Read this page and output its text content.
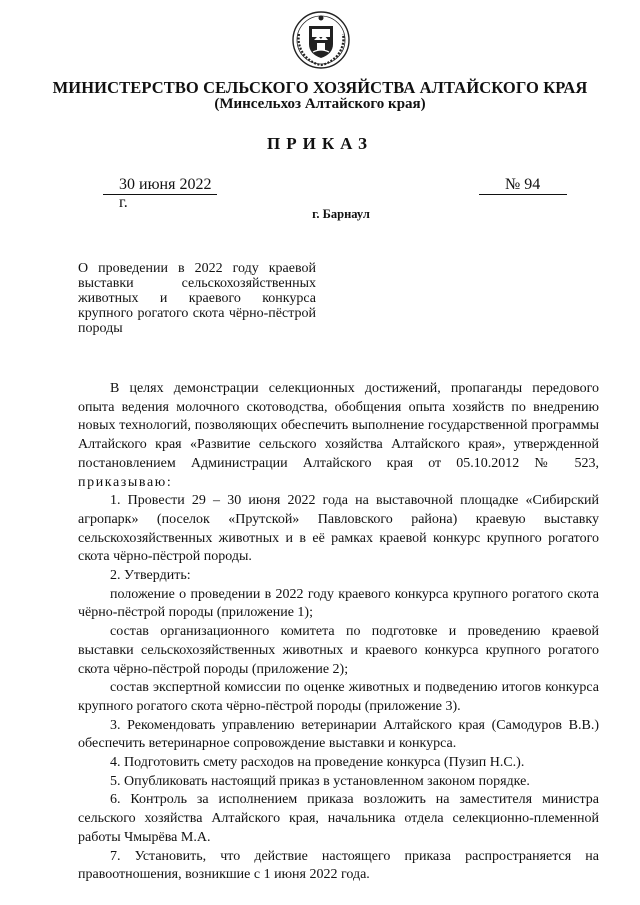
МИНИСТЕРСТВО СЕЛЬСКОГО ХОЗЯЙСТВА АЛТАЙСКОГО КРАЯ
(Минсельхоз Алтайского края)
ПРИКАЗ
30 июня 2022 г.
№ 94
г. Барнаул
О проведении в 2022 году краевой выставки сельскохозяйственных животных и краевого конкурса крупного рогатого скота чёрно-пёстрой породы

В целях демонстрации селекционных достижений, пропаганды передового опыта ведения молочного скотоводства, обобщения опыта хозяйств по внедрению новых технологий, позволяющих обеспечить выполнение государственной программы Алтайского края «Развитие сельского хозяйства Алтайского края», утвержденной постановлением Администрации Алтайского края от 05.10.2012 № 523, приказываю:

1. Провести 29 – 30 июня 2022 года на выставочной площадке «Сибирский агропарк» (поселок «Прутской» Павловского района) краевую выставку сельскохозяйственных животных и в её рамках краевой конкурс крупного рогатого скота чёрно-пёстрой породы.

2. Утвердить:

положение о проведении в 2022 году краевого конкурса крупного рогатого скота чёрно-пёстрой породы (приложение 1);

состав организационного комитета по подготовке и проведению краевой выставки сельскохозяйственных животных и краевого конкурса крупного рогатого скота чёрно-пёстрой породы (приложение 2);

состав экспертной комиссии по оценке животных и подведению итогов конкурса крупного рогатого скота чёрно-пёстрой породы (приложение 3).

3. Рекомендовать управлению ветеринарии Алтайского края (Самодуров В.В.) обеспечить ветеринарное сопровождение выставки и конкурса.

4. Подготовить смету расходов на проведение конкурса (Пузип Н.С.).

5. Опубликовать настоящий приказ в установленном законом порядке.

6. Контроль за исполнением приказа возложить на заместителя министра сельского хозяйства Алтайского края, начальника отдела селекционно-племенной работы Чмырёва М.А.

7. Установить, что действие настоящего приказа распространяется на правоотношения, возникшие с 1 июня 2022 года.
